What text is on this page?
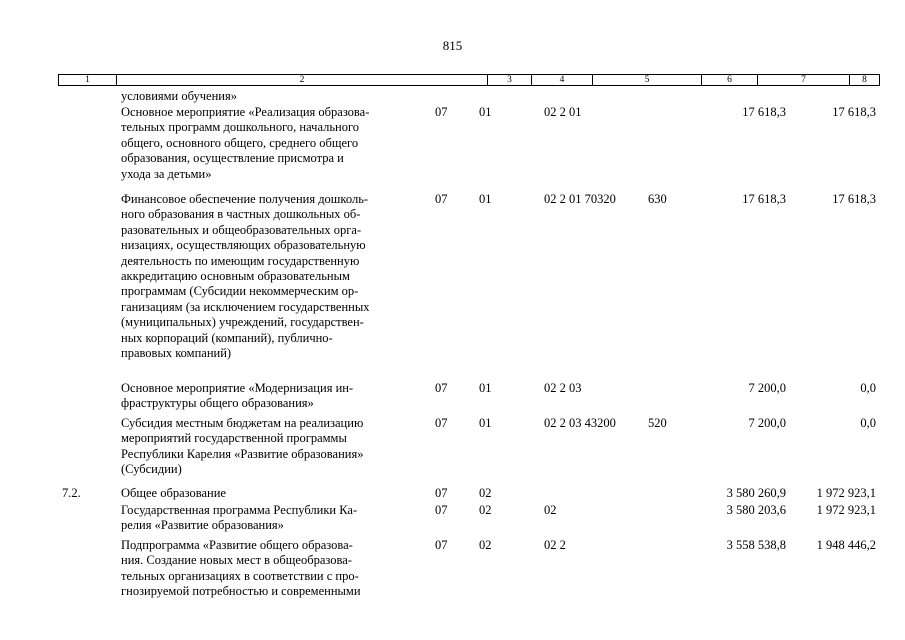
815
1	2	3	4	5	6	7	8
условиями обучения»
Основное мероприятие «Реализация образова-
тельных программ дошкольного, начального
общего, основного общего, среднего общего
образования, осуществление присмотра и
ухода за детьми»
07	01	02 2 01	17 618,3	17 618,3
Финансовое обеспечение получения дошколь-
ного образования в частных дошкольных об-
разовательных и общеобразовательных орга-
низациях, осуществляющих образовательную
деятельность по имеющим государственную
аккредитацию основным образовательным
программам (Субсидии некоммерческим ор-
ганизациям (за исключением государственных
(муниципальных) учреждений, государствен-
ных корпораций (компаний), публично-
правовых компаний)
07	01	02 2 01 70320	630	17 618,3	17 618,3
Основное мероприятие «Модернизация ин-
фраструктуры общего образования»
07	01	02 2 03	7 200,0	0,0
Субсидия местным бюджетам на реализацию
мероприятий государственной программы
Республики Карелия «Развитие образования»
(Субсидии)
07	01	02 2 03 43200	520	7 200,0	0,0
7.2.	Общее образование	07	02	3 580 260,9	1 972 923,1
Государственная программа Республики Ка-
релия «Развитие образования»
07	02	02	3 580 203,6	1 972 923,1
Подпрограмма «Развитие общего образова-
ния. Создание новых мест в общеобразова-
тельных организациях в соответствии с про-
гнозируемой потребностью и современными
07	02	02 2	3 558 538,8	1 948 446,2
